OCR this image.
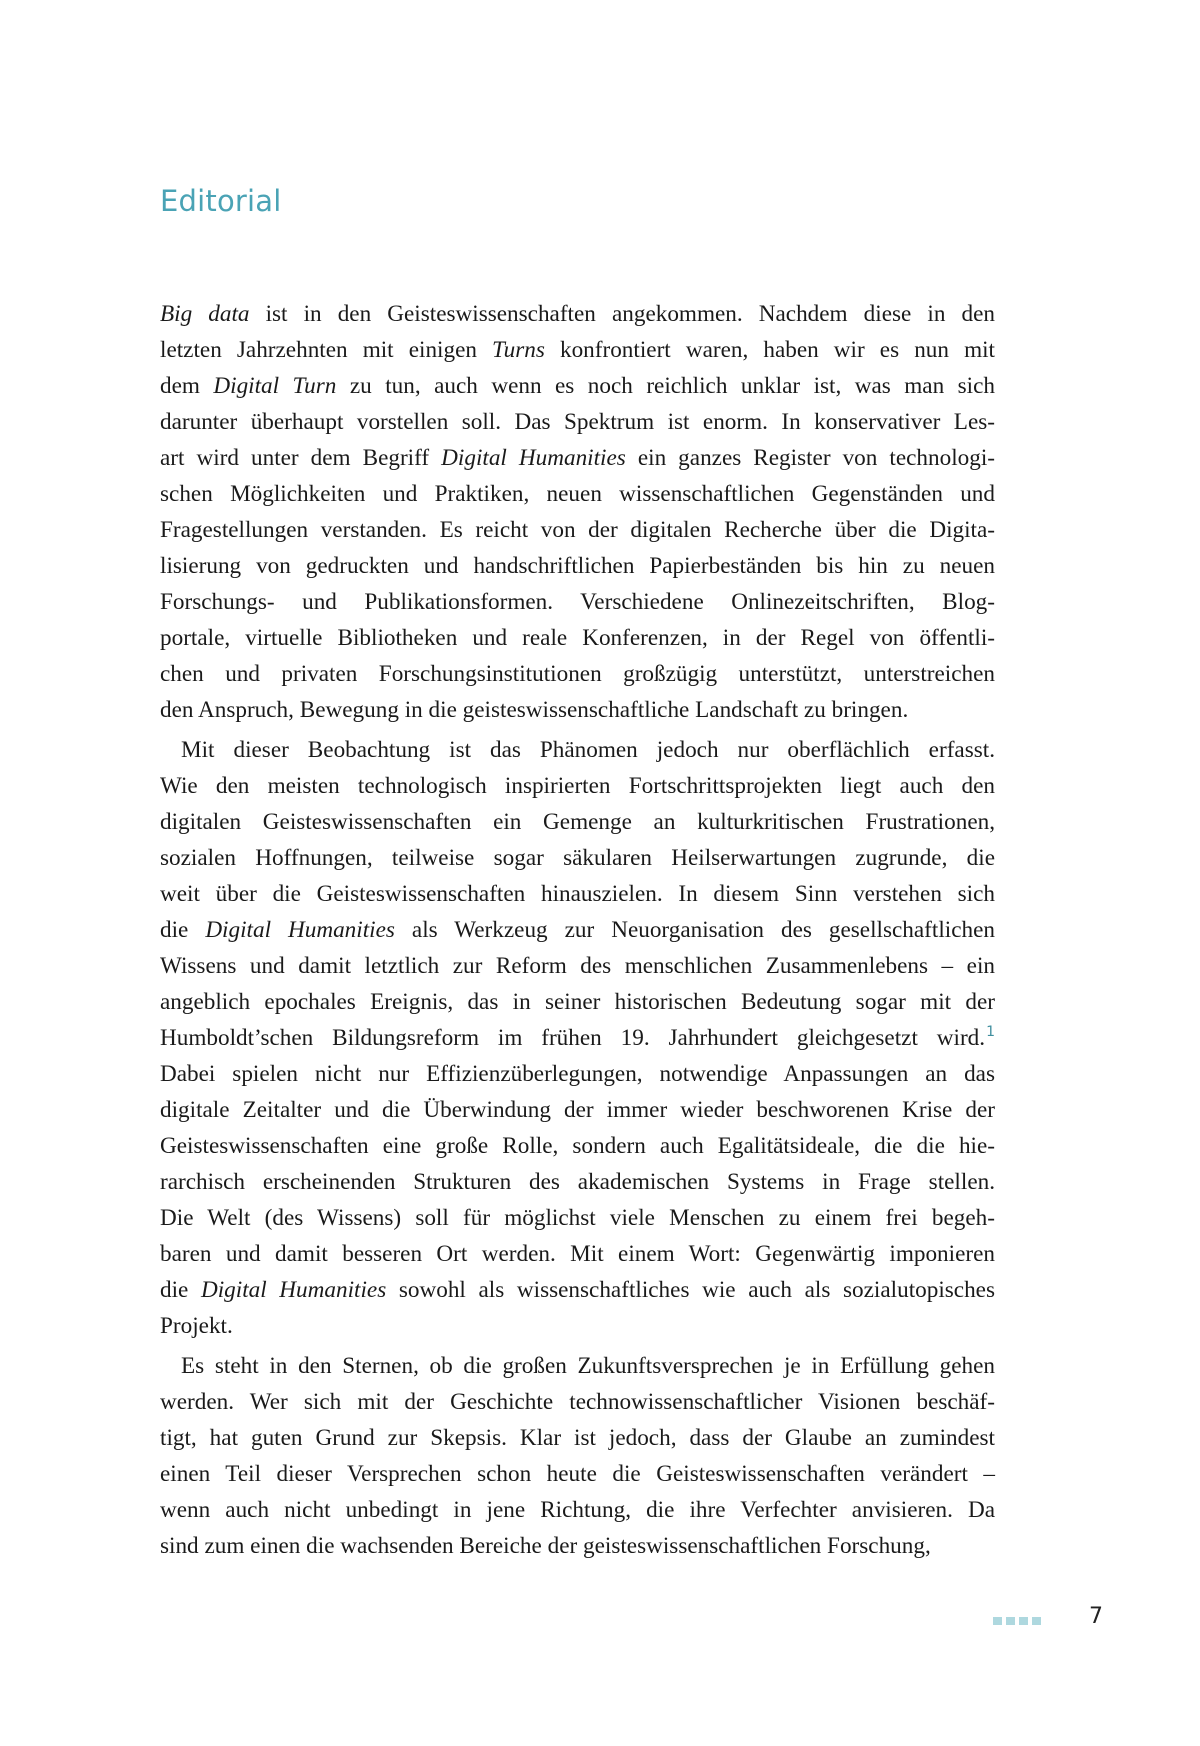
Editorial
Big data ist in den Geisteswissenschaften angekommen. Nachdem diese in den
letzten Jahrzehnten mit einigen Turns konfrontiert waren, haben wir es nun mit
dem Digital Turn zu tun, auch wenn es noch reichlich unklar ist, was man sich
darunter überhaupt vorstellen soll. Das Spektrum ist enorm. In konservativer Les-
art wird unter dem Begriff Digital Humanities ein ganzes Register von technologi-
schen Möglichkeiten und Praktiken, neuen wissenschaftlichen Gegenständen und
Fragestellungen verstanden. Es reicht von der digitalen Recherche über die Digita-
lisierung von gedruckten und handschriftlichen Papierbeständen bis hin zu neuen
Forschungs- und Publikationsformen. Verschiedene Onlinezeitschriften, Blog-
portale, virtuelle Bibliotheken und reale Konferenzen, in der Regel von öffentli-
chen und privaten Forschungsinstitutionen großzügig unterstützt, unterstreichen
den Anspruch, Bewegung in die geisteswissenschaftliche Landschaft zu bringen.
Mit dieser Beobachtung ist das Phänomen jedoch nur oberflächlich erfasst.
Wie den meisten technologisch inspirierten Fortschrittsprojekten liegt auch den
digitalen Geisteswissenschaften ein Gemenge an kulturkritischen Frustrationen,
sozialen Hoffnungen, teilweise sogar säkularen Heilserwartungen zugrunde, die
weit über die Geisteswissenschaften hinauszielen. In diesem Sinn verstehen sich
die Digital Humanities als Werkzeug zur Neuorganisation des gesellschaftlichen
Wissens und damit letztlich zur Reform des menschlichen Zusammenlebens – ein
angeblich epochales Ereignis, das in seiner historischen Bedeutung sogar mit der
Humboldt’schen Bildungsreform im frühen 19. Jahrhundert gleichgesetzt wird.$^1$
Dabei spielen nicht nur Effizienzüberlegungen, notwendige Anpassungen an das
digitale Zeitalter und die Überwindung der immer wieder beschworenen Krise der
Geisteswissenschaften eine große Rolle, sondern auch Egalitätsideale, die die hie-
rarchisch erscheinenden Strukturen des akademischen Systems in Frage stellen.
Die Welt (des Wissens) soll für möglichst viele Menschen zu einem frei begeh-
baren und damit besseren Ort werden. Mit einem Wort: Gegenwärtig imponieren
die Digital Humanities sowohl als wissenschaftliches wie auch als sozialutopisches
Projekt.
Es steht in den Sternen, ob die großen Zukunftsversprechen je in Erfüllung gehen
werden. Wer sich mit der Geschichte technowissenschaftlicher Visionen beschäf-
tigt, hat guten Grund zur Skepsis. Klar ist jedoch, dass der Glaube an zumindest
einen Teil dieser Versprechen schon heute die Geisteswissenschaften verändert –
wenn auch nicht unbedingt in jene Richtung, die ihre Verfechter anvisieren. Da
sind zum einen die wachsenden Bereiche der geisteswissenschaftlichen Forschung,
7
